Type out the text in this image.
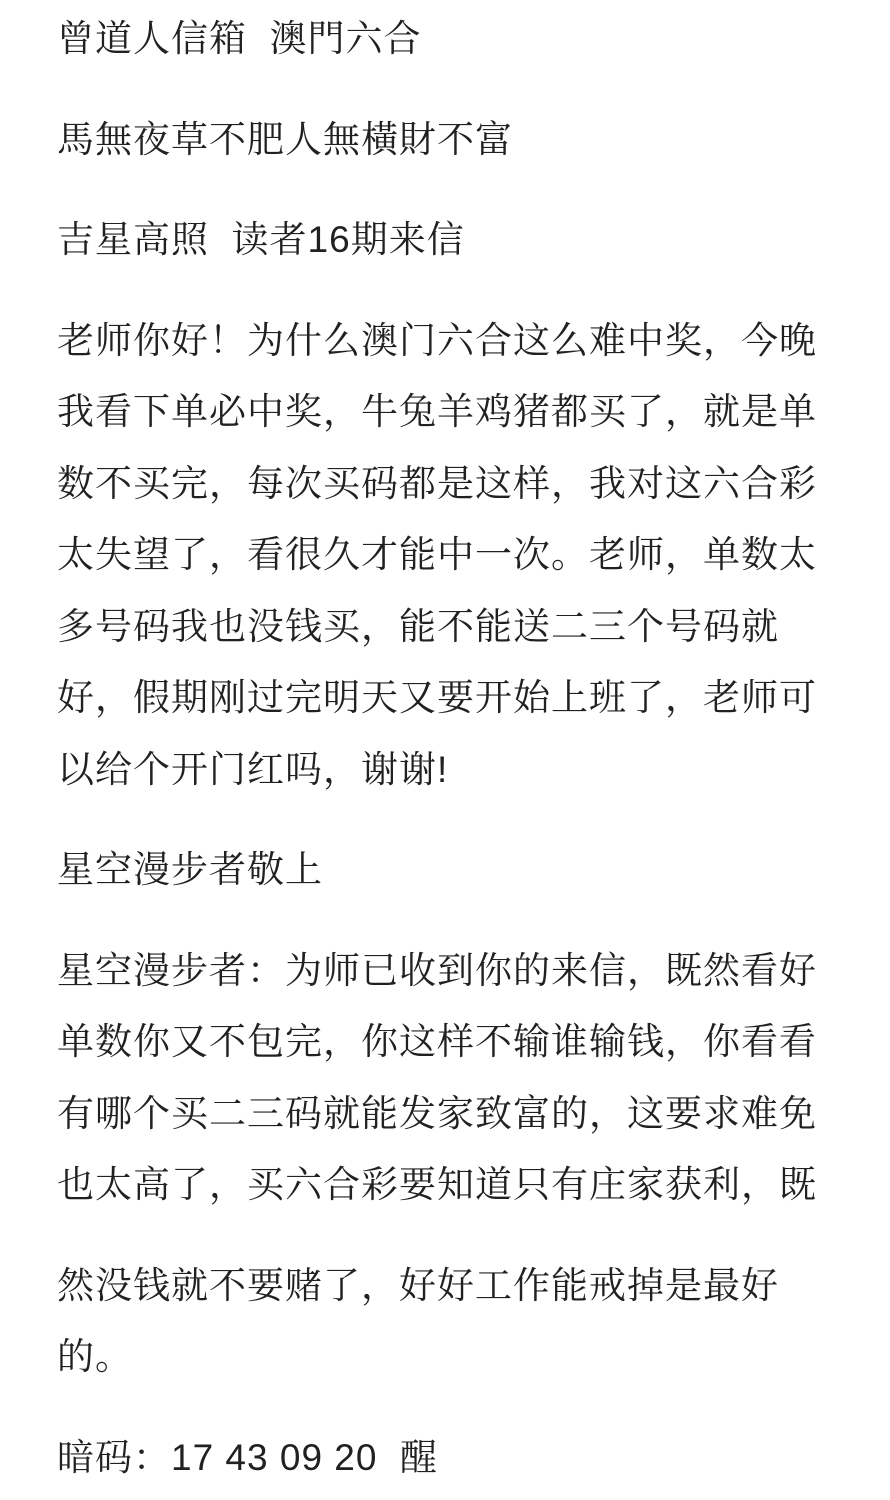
曾道人信箱  澳門六合
馬無夜草不肥人無橫財不富
吉星高照  读者16期来信
老师你好！为什么澳门六合这么难中奖，今晚
我看下单必中奖，牛兔羊鸡猪都买了，就是单
数不买完，每次买码都是这样，我对这六合彩
太失望了，看很久才能中一次。老师，单数太
多号码我也没钱买，能不能送二三个号码就
好，假期刚过完明天又要开始上班了，老师可
以给个开门红吗，谢谢!
星空漫步者敬上
星空漫步者：为师已收到你的来信，既然看好
单数你又不包完，你这样不输谁输钱，你看看
有哪个买二三码就能发家致富的，这要求难免
也太高了，买六合彩要知道只有庄家获利，既
然没钱就不要赌了，好好工作能戒掉是最好
的。
暗码：17 43 09 20  醒
